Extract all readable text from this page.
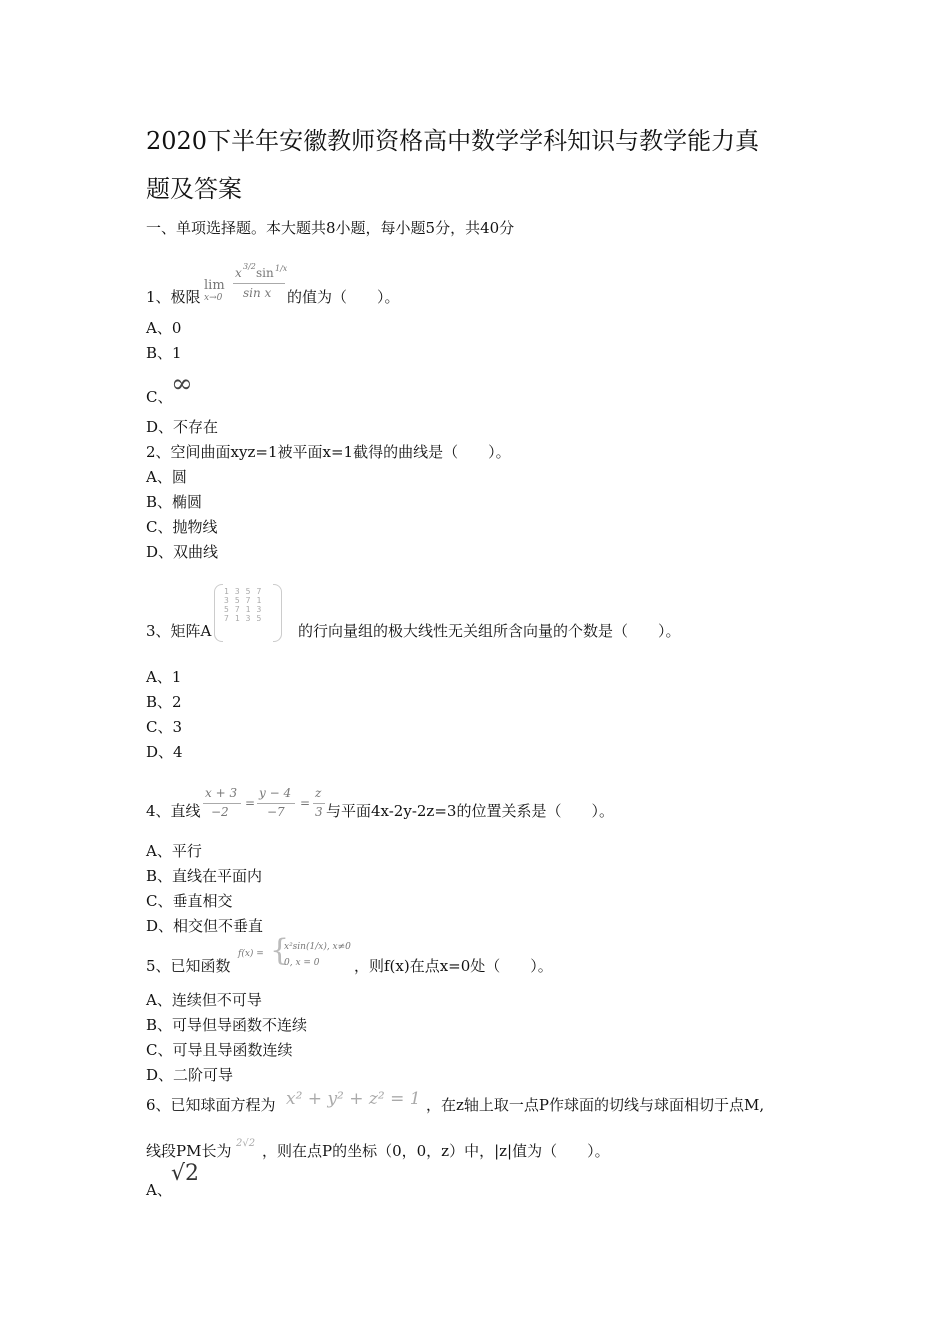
2020下半年安徽教师资格高中数学学科知识与教学能力真
题及答案
一、单项选择题。本大题共8小题，每小题5分，共40分
1、极限
lim
x→0
x 3/2 sin 1/x
sin x 的值为（　　）。
A、0
B、1
C、
∞
D、不存在
2、空间曲面xyz=1被平面x=1截得的曲线是（　　）。
A、圆
B、椭圆
C、抛物线
D、双曲线
3、矩阵A
1	3	5	7
3	5	7	1
5	7	1	3
7	1	3	5
的行向量组的极大线性无关组所含向量的个数是（　　）。
A、1
B、2
C、3
D、4
4、直线
x + 3
−2
=
y − 4
−7
=
z
3 与平面4x-2y-2z=3的位置关系是（　　）。
A、平行
B、直线在平面内
C、垂直相交
D、相交但不垂直
5、已知函数
f(x) = {
x²sin(1/x), x≠0
0, x = 0 ，则f(x)在点x=0处（　　）。
A、连续但不可导
B、可导但导函数不连续
C、可导且导函数连续
D、二阶可导
6、已知球面方程为 x² + y² + z² = 1 ，在z轴上取一点P作球面的切线与球面相切于点M,
线段PM长为 2√2 ，则在点P的坐标（0，0，z）中，|z|值为（　　）。
A、
√2
